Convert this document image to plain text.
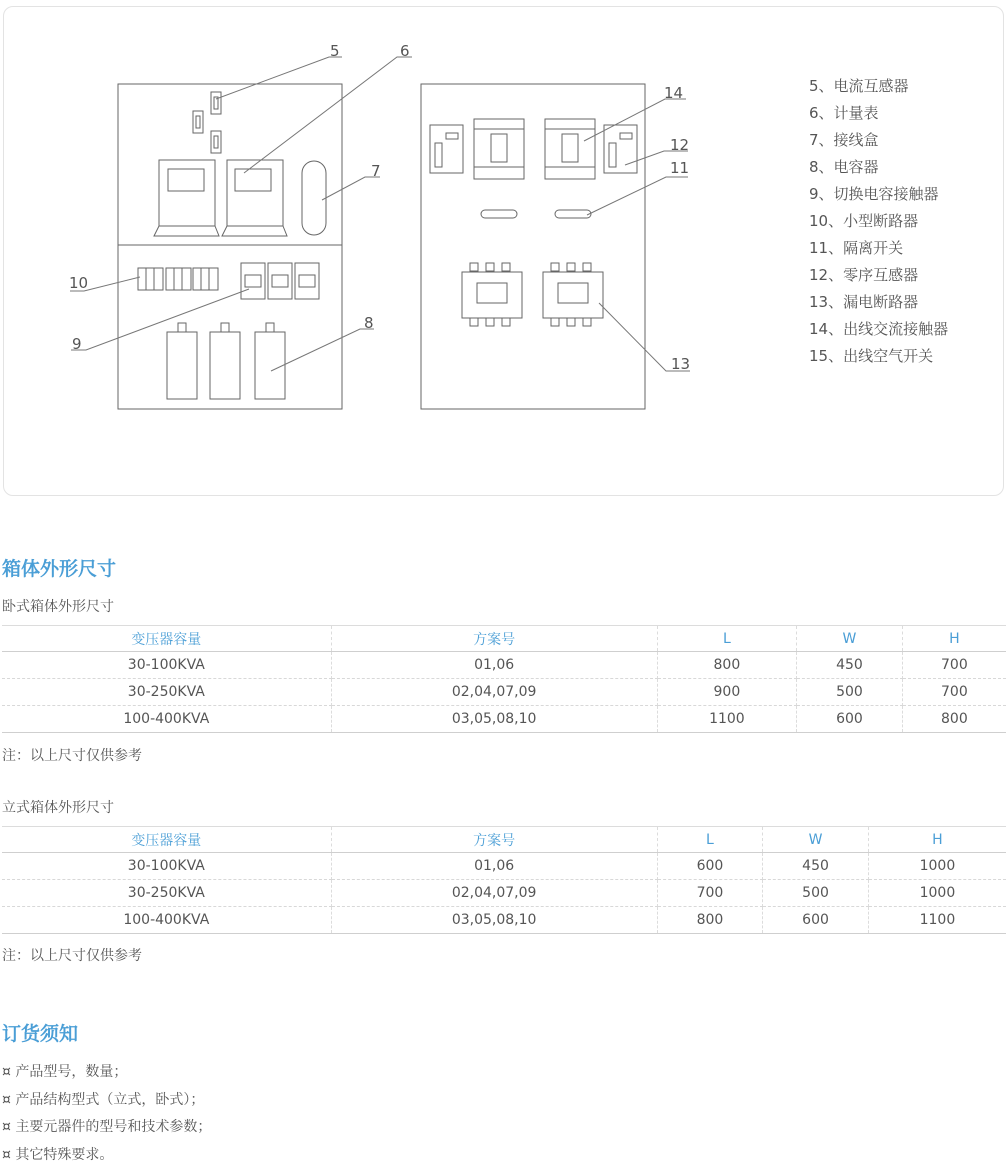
5	6
7
8
9
10
11
12
13
14	5、电流互感器
6、计量表
7、接线盒
8、电容器
9、切换电容接触器
10、小型断路器
11、隔离开关
12、零序互感器
13、漏电断路器
14、出线交流接触器
15、出线空气开关
箱体外形尺寸
卧式箱体外形尺寸
变压器容量	方案号	L	W	H
30-100KVA	01,06	800	450	700
30-250KVA	02,04,07,09	900	500	700
100-400KVA	03,05,08,10	1100	600	800
注：以上尺寸仅供参考
立式箱体外形尺寸
变压器容量	方案号	L	W	H
30-100KVA	01,06	600	450	1000
30-250KVA	02,04,07,09	700	500	1000
100-400KVA	03,05,08,10	800	600	1100
注：以上尺寸仅供参考
订货须知
¤ 产品型号，数量；
¤ 产品结构型式（立式，卧式）；
¤ 主要元器件的型号和技术参数；
¤ 其它特殊要求。
